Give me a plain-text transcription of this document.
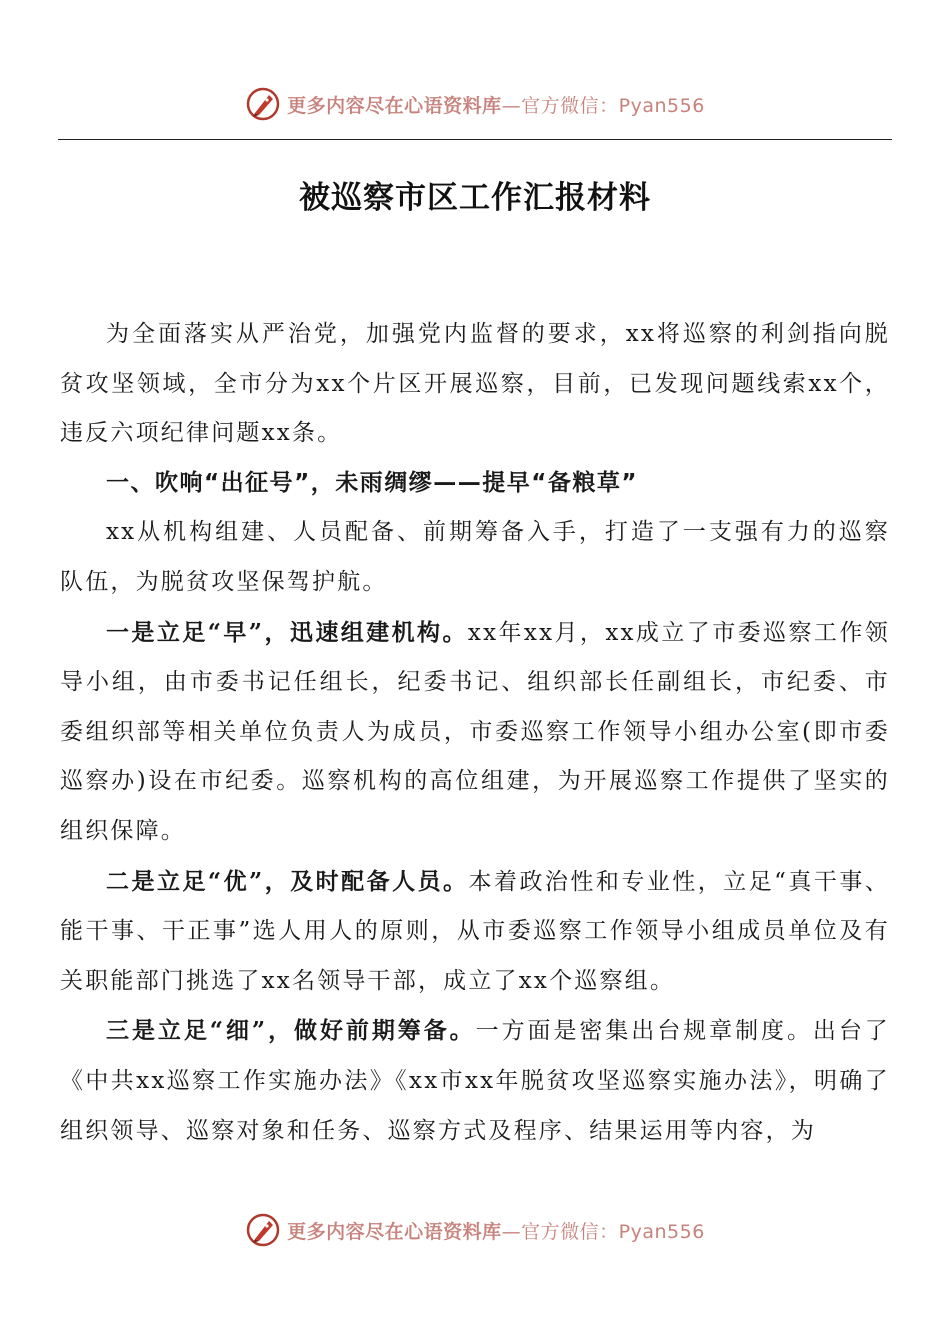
更多内容尽在心语资料库—官方微信：Pyan556
被巡察市区工作汇报材料

为全面落实从严治党，加强党内监督的要求，xx将巡察的利剑指向脱贫攻坚领域，全市分为xx个片区开展巡察，目前，已发现问题线索xx个，违反六项纪律问题xx条。

一、吹响“出征号”，未雨绸缪——提早“备粮草”

xx从机构组建、人员配备、前期筹备入手，打造了一支强有力的巡察队伍，为脱贫攻坚保驾护航。

一是立足“早”，迅速组建机构。xx年xx月，xx成立了市委巡察工作领导小组，由市委书记任组长，纪委书记、组织部长任副组长，市纪委、市委组织部等相关单位负责人为成员，市委巡察工作领导小组办公室(即市委巡察办)设在市纪委。巡察机构的高位组建，为开展巡察工作提供了坚实的组织保障。

二是立足“优”，及时配备人员。本着政治性和专业性，立足“真干事、能干事、干正事”选人用人的原则，从市委巡察工作领导小组成员单位及有关职能部门挑选了xx名领导干部，成立了xx个巡察组。

三是立足“细”，做好前期筹备。一方面是密集出台规章制度。出台了《中共xx巡察工作实施办法》《xx市xx年脱贫攻坚巡察实施办法》，明确了组织领导、巡察对象和任务、巡察方式及程序、结果运用等内容，为

更多内容尽在心语资料库—官方微信：Pyan556
